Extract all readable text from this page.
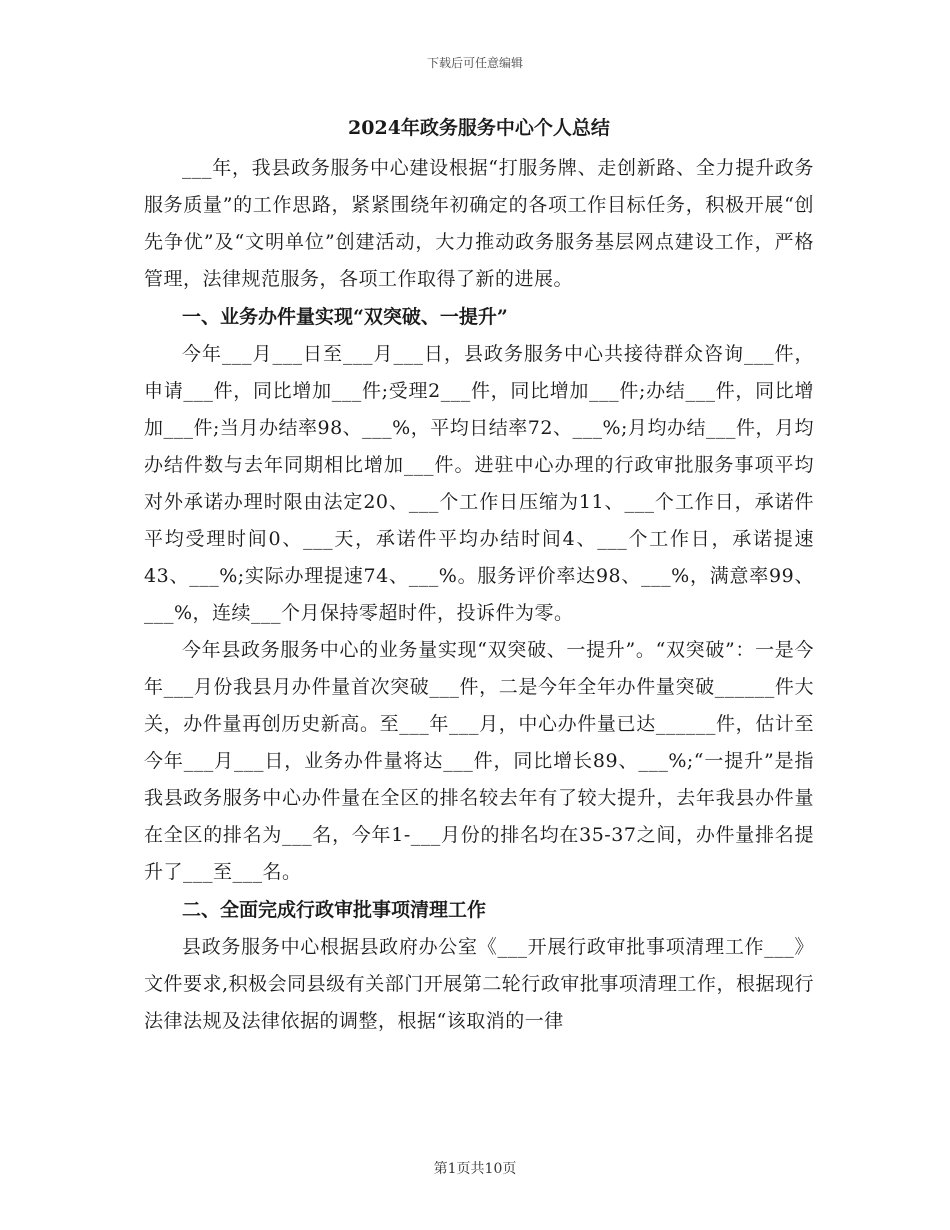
下载后可任意编辑
2024年政务服务中心个人总结

___年，我县政务服务中心建设根据“打服务牌、走创新路、全力提升政务服务质量”的工作思路，紧紧围绕年初确定的各项工作目标任务，积极开展“创先争优”及“文明单位”创建活动，大力推动政务服务基层网点建设工作，严格管理，法律规范服务，各项工作取得了新的进展。

一、业务办件量实现“双突破、一提升”

今年___月___日至___月___日，县政务服务中心共接待群众咨询___件，申请___件，同比增加___件;受理2___件，同比增加___件;办结___件，同比增加___件;当月办结率98、___%，平均日结率72、___%;月均办结___件，月均办结件数与去年同期相比增加___件。进驻中心办理的行政审批服务事项平均对外承诺办理时限由法定20、___个工作日压缩为11、___个工作日，承诺件平均受理时间0、___天，承诺件平均办结时间4、___个工作日，承诺提速43、___%;实际办理提速74、___%。服务评价率达98、___%，满意率99、___%，连续___个月保持零超时件，投诉件为零。

今年县政务服务中心的业务量实现“双突破、一提升”。“双突破”：一是今年___月份我县月办件量首次突破___件，二是今年全年办件量突破______件大关，办件量再创历史新高。至___年___月，中心办件量已达______件，估计至今年___月___日，业务办件量将达___件，同比增长89、___%;“一提升”是指我县政务服务中心办件量在全区的排名较去年有了较大提升，去年我县办件量在全区的排名为___名，今年1-___月份的排名均在35-37之间，办件量排名提升了___至___名。

二、全面完成行政审批事项清理工作

县政务服务中心根据县政府办公室《___开展行政审批事项清理工作___》文件要求,积极会同县级有关部门开展第二轮行政审批事项清理工作，根据现行法律法规及法律依据的调整，根据“该取消的一律

第1页共10页
